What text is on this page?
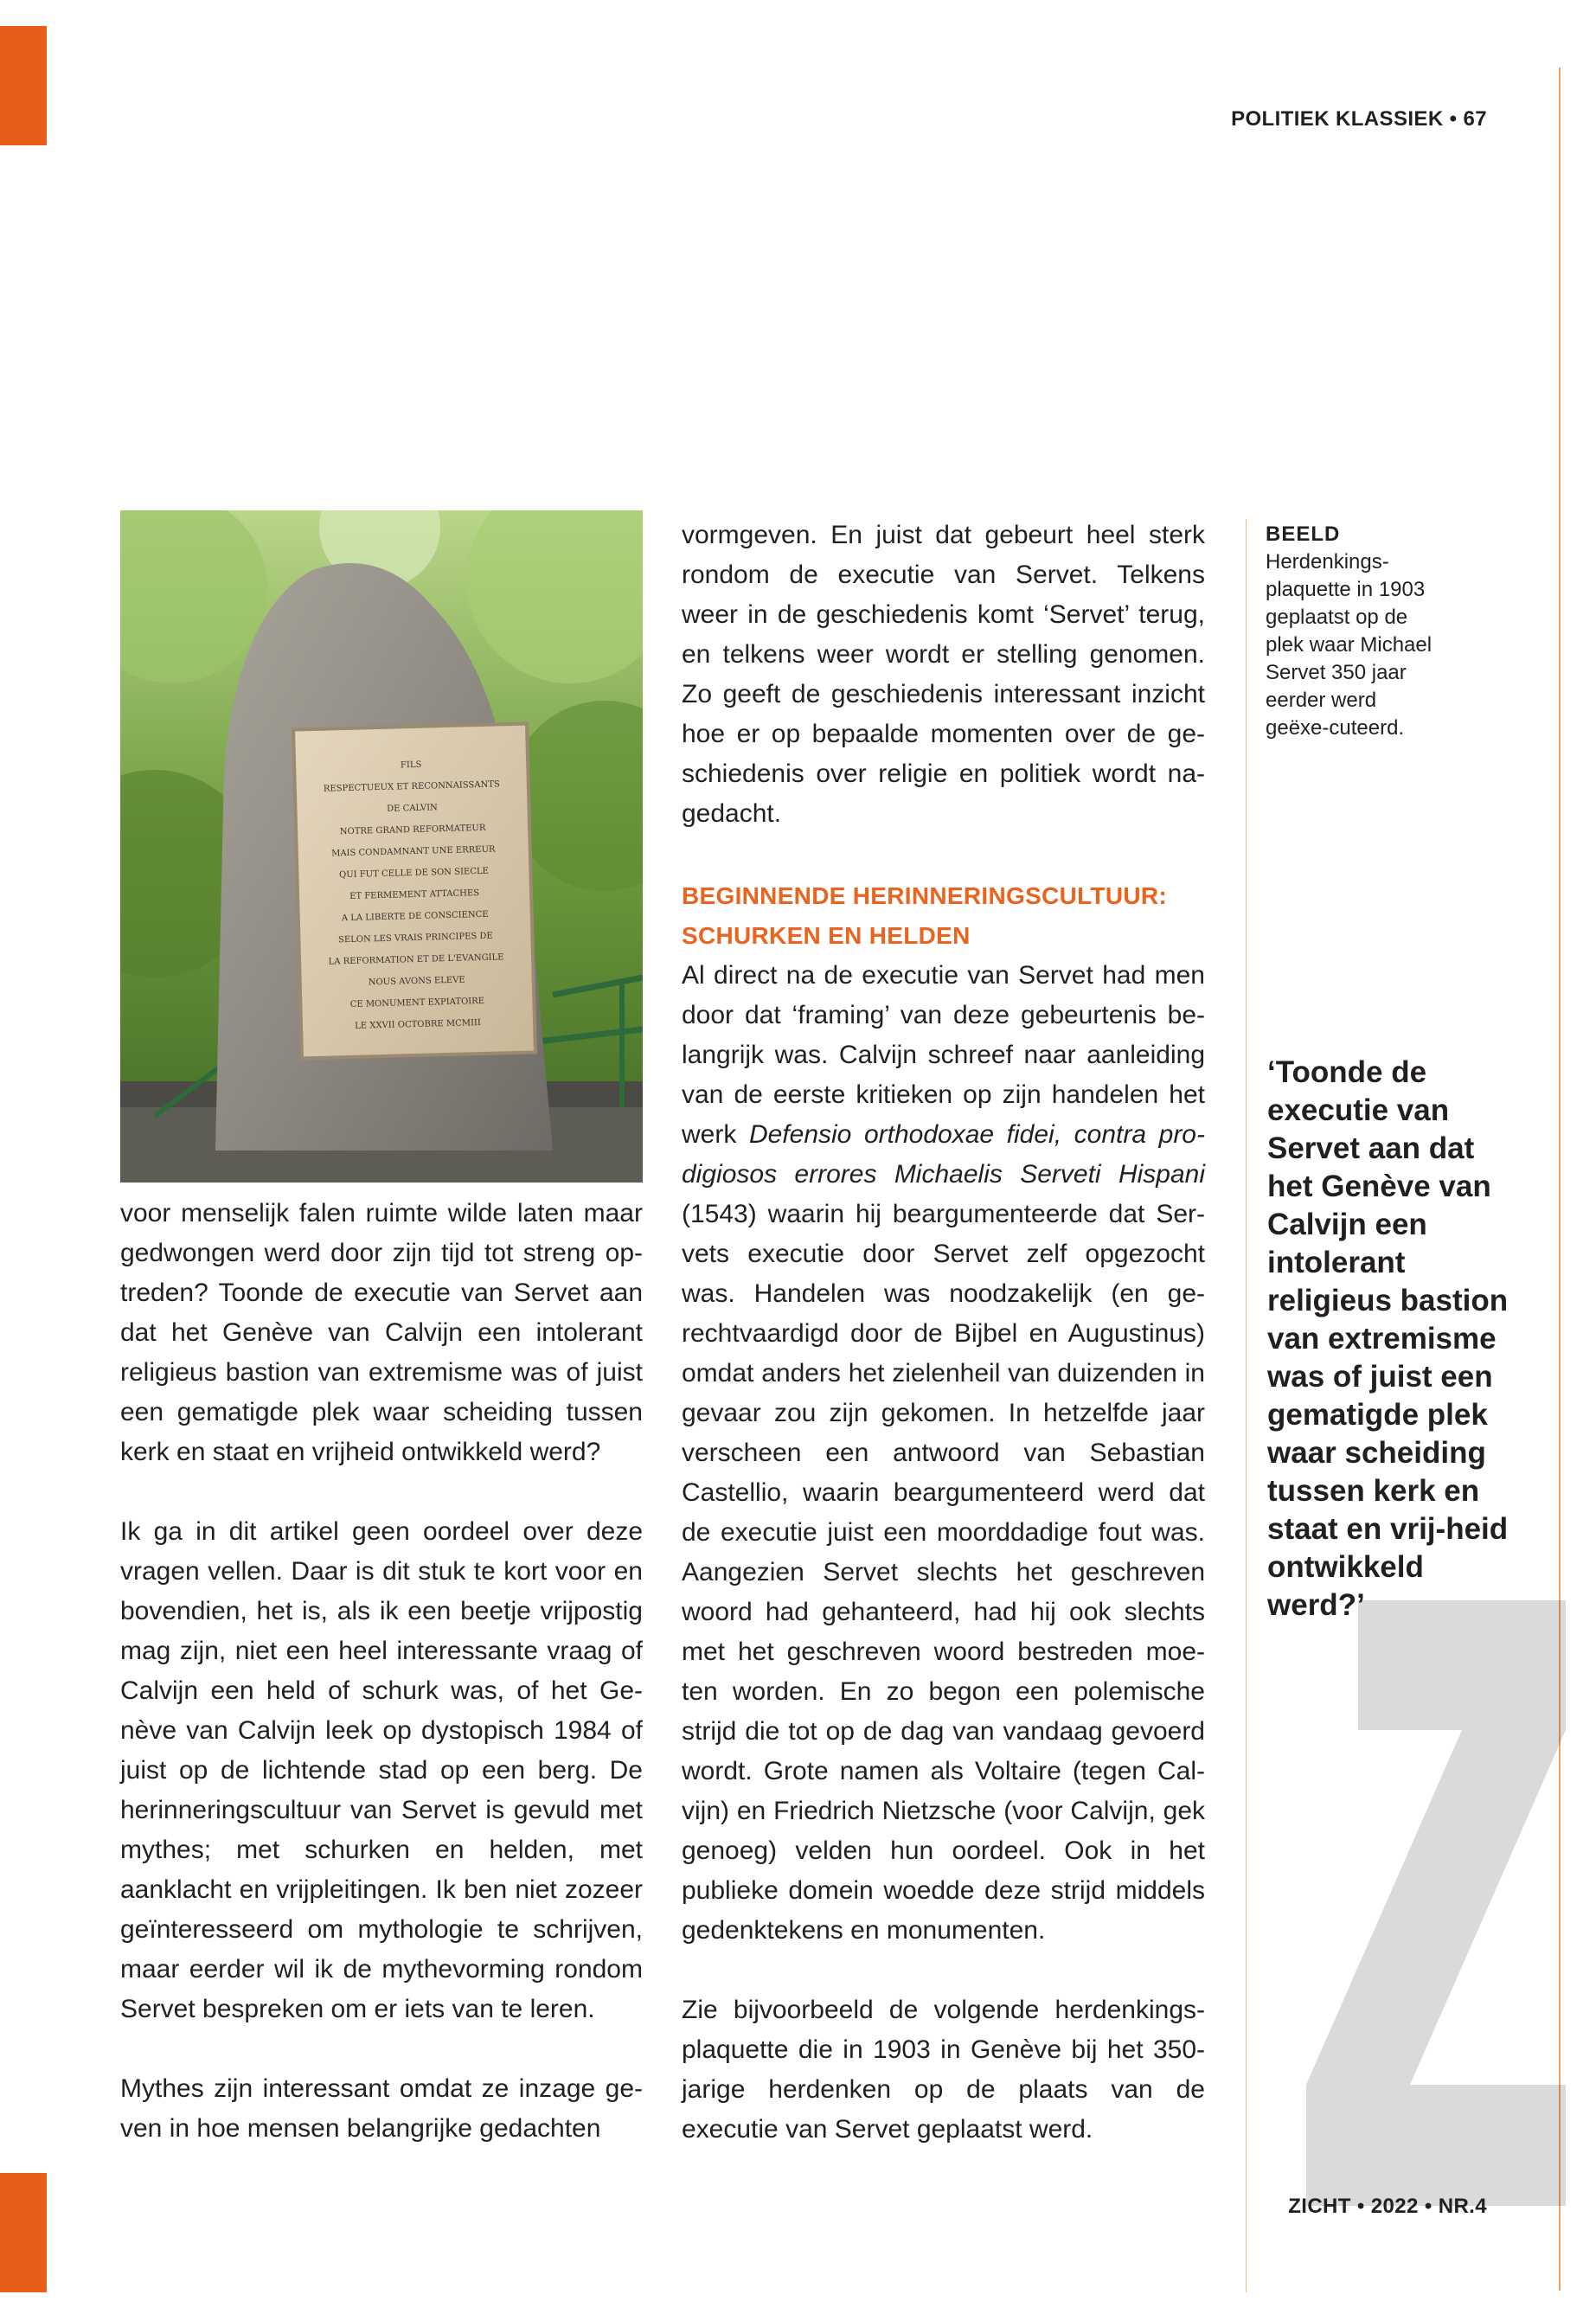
POLITIEK KLASSIEK • 67
FILS
RESPECTUEUX ET RECONNAISSANTS
DE CALVIN
NOTRE GRAND REFORMATEUR
MAIS CONDAMNANT UNE ERREUR
QUI FUT CELLE DE SON SIECLE
ET FERMEMENT ATTACHES
A LA LIBERTE DE CONSCIENCE
SELON LES VRAIS PRINCIPES DE
LA REFORMATION ET DE L'EVANGILE
NOUS AVONS ELEVE
CE MONUMENT EXPIATOIRE
LE XXVII OCTOBRE MCMIII

voor menselijk falen ruimte wilde laten maar gedwongen werd door zijn tijd tot streng op-treden? Toonde de executie van Servet aan dat het Genève van Calvijn een intolerant religieus bastion van extremisme was of juist een gematigde plek waar scheiding tussen kerk en staat en vrijheid ontwikkeld werd?

Ik ga in dit artikel geen oordeel over deze vragen vellen. Daar is dit stuk te kort voor en bovendien, het is, als ik een beetje vrijpostig mag zijn, niet een heel interessante vraag of Calvijn een held of schurk was, of het Ge-nève van Calvijn leek op dystopisch 1984 of juist op de lichtende stad op een berg. De herinneringscultuur van Servet is gevuld met mythes; met schurken en helden, met aanklacht en vrijpleitingen. Ik ben niet zozeer geïnteresseerd om mythologie te schrijven, maar eerder wil ik de mythevorming rondom Servet bespreken om er iets van te leren.

Mythes zijn interessant omdat ze inzage ge-ven in hoe mensen belangrijke gedachten

vormgeven. En juist dat gebeurt heel sterk rondom de executie van Servet. Telkens weer in de geschiedenis komt ‘Servet’ terug, en telkens weer wordt er stelling genomen. Zo geeft de geschiedenis interessant inzicht hoe er op bepaalde momenten over de ge-schiedenis over religie en politiek wordt na-gedacht.

BEGINNENDE HERINNERINGSCULTUUR: SCHURKEN EN HELDEN

Al direct na de executie van Servet had men door dat ‘framing’ van deze gebeurtenis be-langrijk was. Calvijn schreef naar aanleiding van de eerste kritieken op zijn handelen het werk Defensio orthodoxae fidei, contra pro-digiosos errores Michaelis Serveti Hispani (1543) waarin hij beargumenteerde dat Ser-vets executie door Servet zelf opgezocht was. Handelen was noodzakelijk (en ge-rechtvaardigd door de Bijbel en Augustinus) omdat anders het zielenheil van duizenden in gevaar zou zijn gekomen. In hetzelfde jaar verscheen een antwoord van Sebastian Castellio, waarin beargumenteerd werd dat de executie juist een moorddadige fout was. Aangezien Servet slechts het geschreven woord had gehanteerd, had hij ook slechts met het geschreven woord bestreden moe-ten worden. En zo begon een polemische strijd die tot op de dag van vandaag gevoerd wordt. Grote namen als Voltaire (tegen Cal-vijn) en Friedrich Nietzsche (voor Calvijn, gek genoeg) velden hun oordeel. Ook in het publieke domein woedde deze strijd middels gedenktekens en monumenten.

Zie bijvoorbeeld de volgende herdenkings-plaquette die in 1903 in Genève bij het 350-jarige herdenken op de plaats van de executie van Servet geplaatst werd.

BEELD
Herdenkings-plaquette in 1903 geplaatst op de plek waar Michael Servet 350 jaar eerder werd geëxe-cuteerd.
‘Toonde de executie van Servet aan dat het Genève van Calvijn een intolerant religieus bastion van extremisme was of juist een gematigde plek waar scheiding tussen kerk en staat en vrij-heid ontwikkeld werd?’
ZICHT • 2022 • NR.4
